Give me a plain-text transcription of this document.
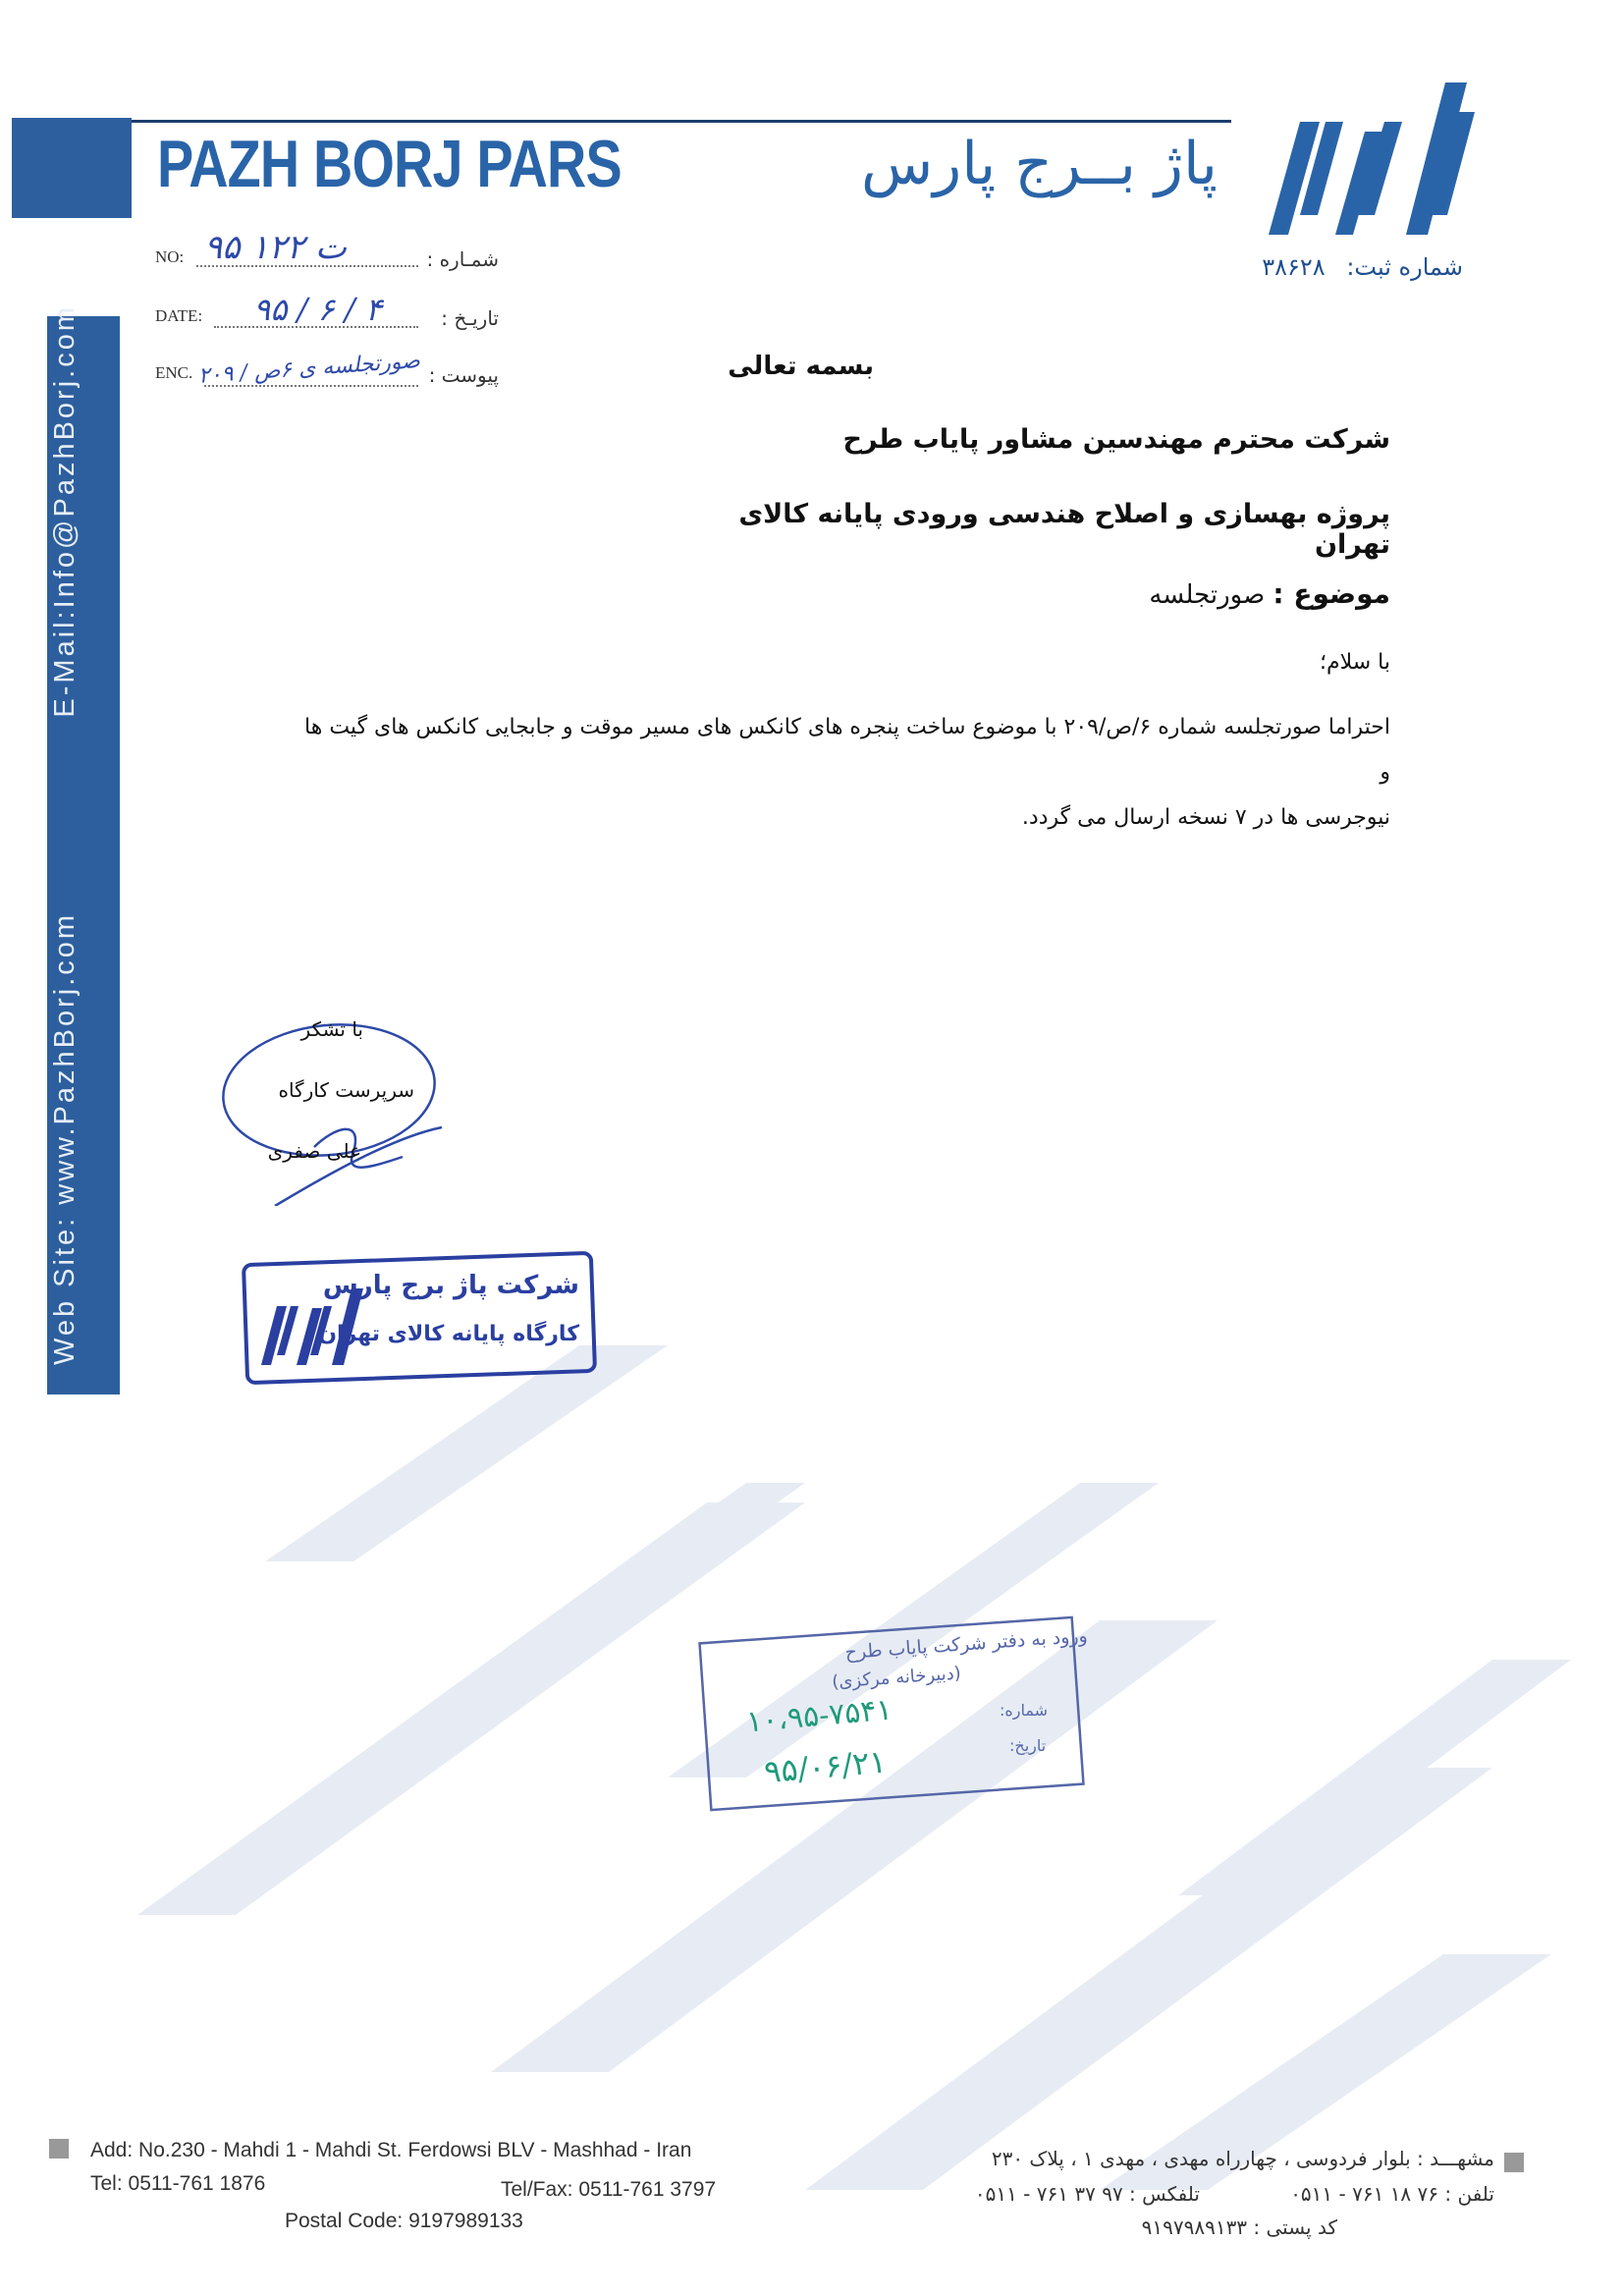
PAZH BORJ PARS	پاژ بــرج پارس
شماره ثبت: ۳۸۶۲۸
NO: ۹۵ ت ۱۲۲	شمـاره :
DATE: ۹۵ / ۶ / ۴	تاریـخ :
ENC. صورتجلسه ی ۶ص / ۲۰۹ پیوست :
Web Site: www.PazhBorj.com
E-Mail:Info@PazhBorj.com	بسمه تعالی
شرکت محترم مهندسین مشاور پایاب طرح
پروژه بهسازی و اصلاح هندسی ورودی پایانه کالای تهران
موضوع : صورتجلسه
با سلام؛
احتراما صورتجلسه شماره ۶/ص/۲۰۹ با موضوع ساخت پنجره های کانکس های مسیر موقت و جابجایی کانکس های گیت ها و
نیوجرسی ها در ۷ نسخه ارسال می گردد.
با تشکر
سرپرست کارگاه
علی صفری
شرکت پاژ برج پارس
کارگاه پایانه کالای تهران
ورود به دفتر شرکت پایاب طرح
(دبیرخانه مرکزی)
شماره:
تاریخ:
۱۰،۹۵-۷۵۴۱
۹۵/۰۶/۲۱
Add: No.230 - Mahdi 1 - Mahdi St. Ferdowsi BLV - Mashhad - Iran
Tel: 0511-761 1876	Tel/Fax: 0511-761 3797
Postal Code: 9197989133
مشهـــد : بلوار فردوسی ، چهارراه مهدی ، مهدی ۱ ، پلاک ۲۳۰
تلفن : ۷۶ ۱۸ ۷۶۱ - ۰۵۱۱
تلفکس : ۹۷ ۳۷ ۷۶۱ - ۰۵۱۱
کد پستی : ۹۱۹۷۹۸۹۱۳۳
